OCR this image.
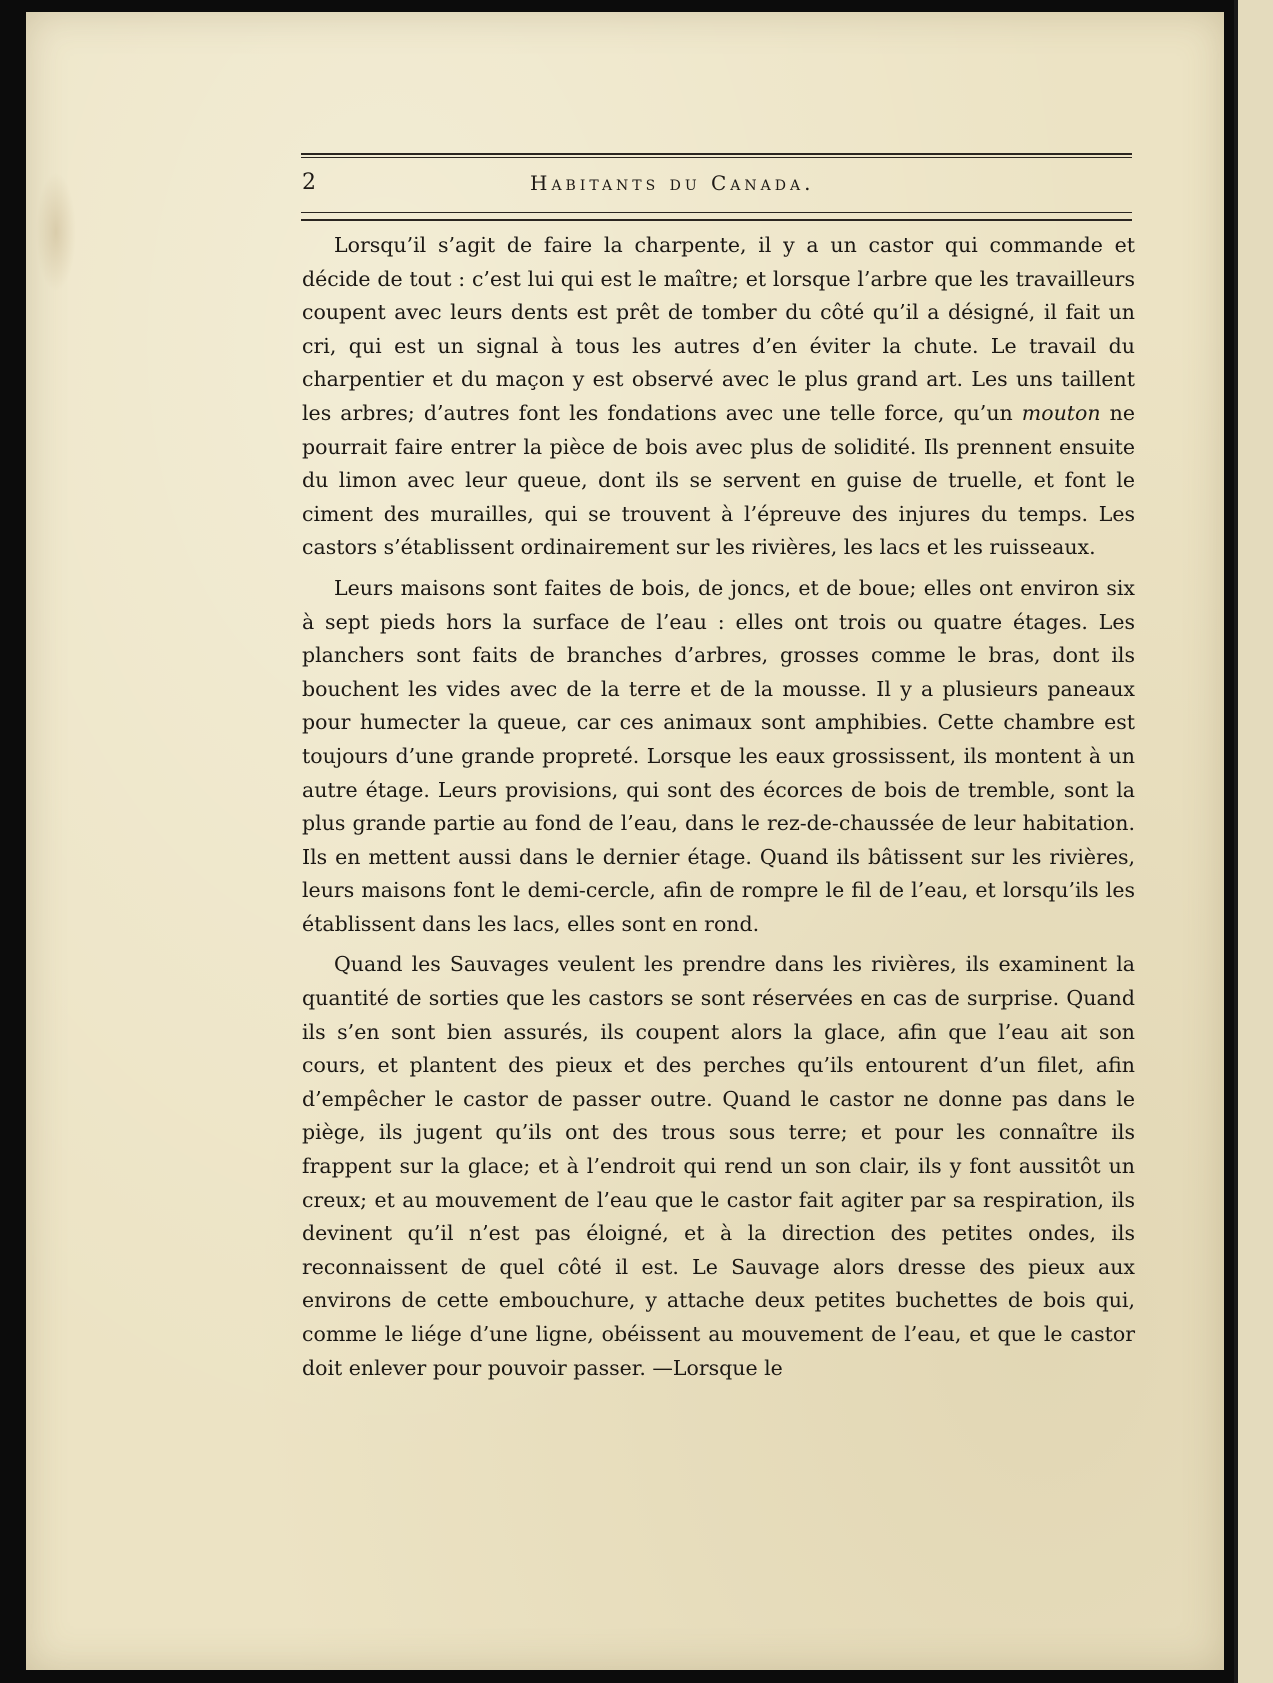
2	Habitants du Canada.

Lorsqu’il s’agit de faire la charpente, il y a un castor qui commande et décide de tout : c’est lui qui est le maître; et lorsque l’arbre que les travailleurs coupent avec leurs dents est prêt de tomber du côté qu’il a désigné, il fait un cri, qui est un signal à tous les autres d’en éviter la chute. Le travail du charpentier et du maçon y est observé avec le plus grand art. Les uns taillent les arbres; d’autres font les fondations avec une telle force, qu’un mouton ne pourrait faire entrer la pièce de bois avec plus de solidité. Ils prennent ensuite du limon avec leur queue, dont ils se servent en guise de truelle, et font le ciment des murailles, qui se trouvent à l’épreuve des injures du temps. Les castors s’établissent ordinairement sur les rivières, les lacs et les ruisseaux.

Leurs maisons sont faites de bois, de joncs, et de boue; elles ont environ six à sept pieds hors la surface de l’eau : elles ont trois ou quatre étages. Les planchers sont faits de branches d’arbres, grosses comme le bras, dont ils bouchent les vides avec de la terre et de la mousse. Il y a plusieurs paneaux pour humecter la queue, car ces animaux sont amphibies. Cette chambre est toujours d’une grande propreté. Lorsque les eaux grossissent, ils montent à un autre étage. Leurs provisions, qui sont des écorces de bois de tremble, sont la plus grande partie au fond de l’eau, dans le rez-de-chaussée de leur habitation. Ils en mettent aussi dans le dernier étage. Quand ils bâtissent sur les rivières, leurs maisons font le demi-cercle, afin de rompre le fil de l’eau, et lorsqu’ils les établissent dans les lacs, elles sont en rond.

Quand les Sauvages veulent les prendre dans les rivières, ils examinent la quantité de sorties que les castors se sont réservées en cas de surprise. Quand ils s’en sont bien assurés, ils coupent alors la glace, afin que l’eau ait son cours, et plantent des pieux et des perches qu’ils entourent d’un filet, afin d’empêcher le castor de passer outre. Quand le castor ne donne pas dans le piège, ils jugent qu’ils ont des trous sous terre; et pour les connaître ils frappent sur la glace; et à l’endroit qui rend un son clair, ils y font aussitôt un creux; et au mouvement de l’eau que le castor fait agiter par sa respiration, ils devinent qu’il n’est pas éloigné, et à la direction des petites ondes, ils reconnaissent de quel côté il est. Le Sauvage alors dresse des pieux aux environs de cette embouchure, y attache deux petites buchettes de bois qui, comme le liége d’une ligne, obéissent au mouvement de l’eau, et que le castor doit enlever pour pouvoir passer. —Lorsque le
